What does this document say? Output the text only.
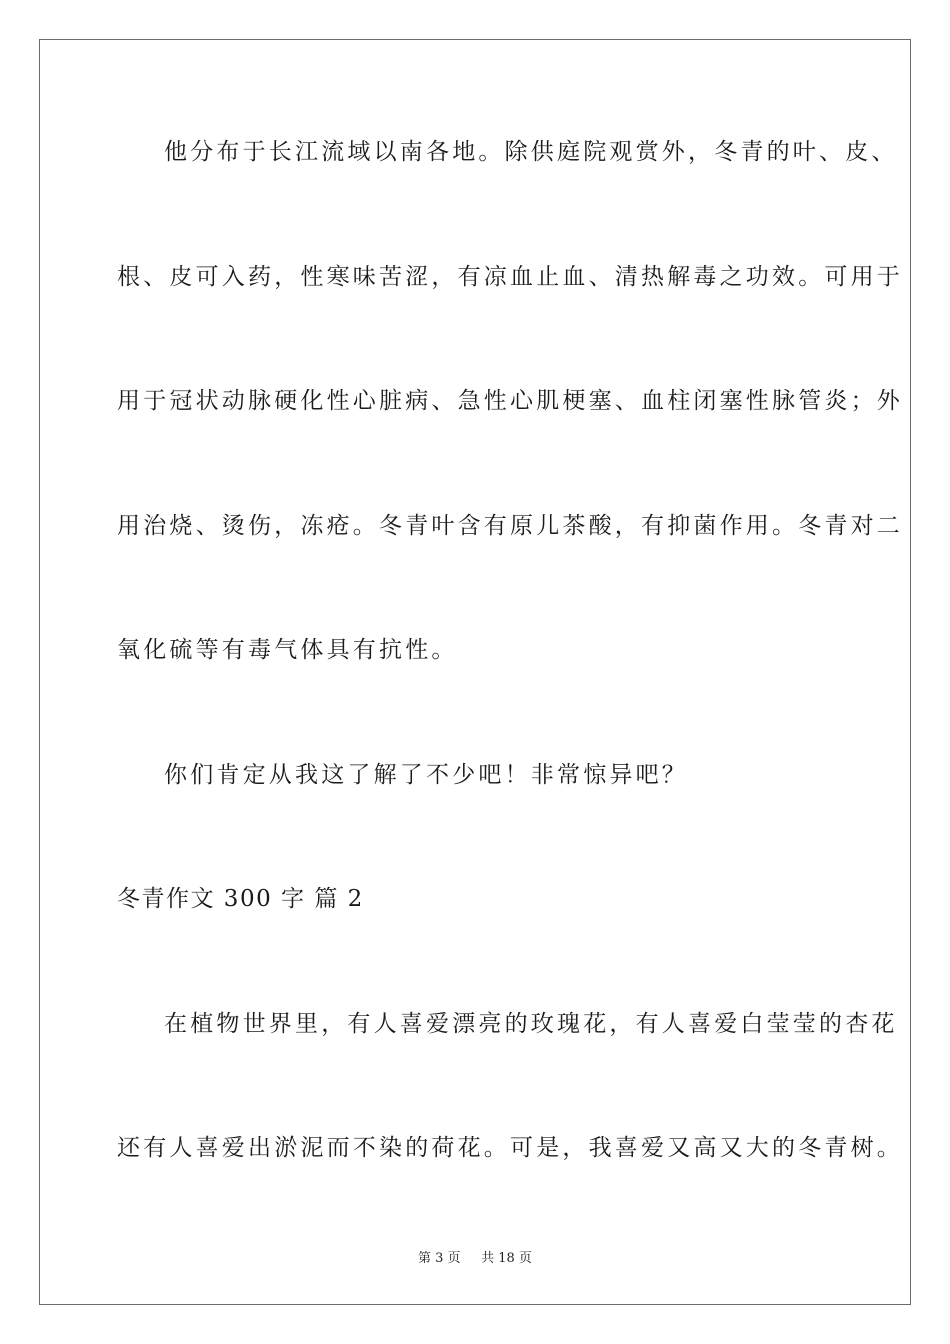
他分布于长江流域以南各地。除供庭院观赏外，冬青的叶、皮、
根、皮可入药，性寒味苦涩，有凉血止血、清热解毒之功效。可用于
用于冠状动脉硬化性心脏病、急性心肌梗塞、血柱闭塞性脉管炎；外
用治烧、烫伤，冻疮。冬青叶含有原儿茶酸，有抑菌作用。冬青对二
氧化硫等有毒气体具有抗性。
你们肯定从我这了解了不少吧！非常惊异吧？
冬青作文 300 字 篇 2
在植物世界里，有人喜爱漂亮的玫瑰花，有人喜爱白莹莹的杏花
还有人喜爱出淤泥而不染的荷花。可是，我喜爱又高又大的冬青树。
第 3 页 共 18 页
